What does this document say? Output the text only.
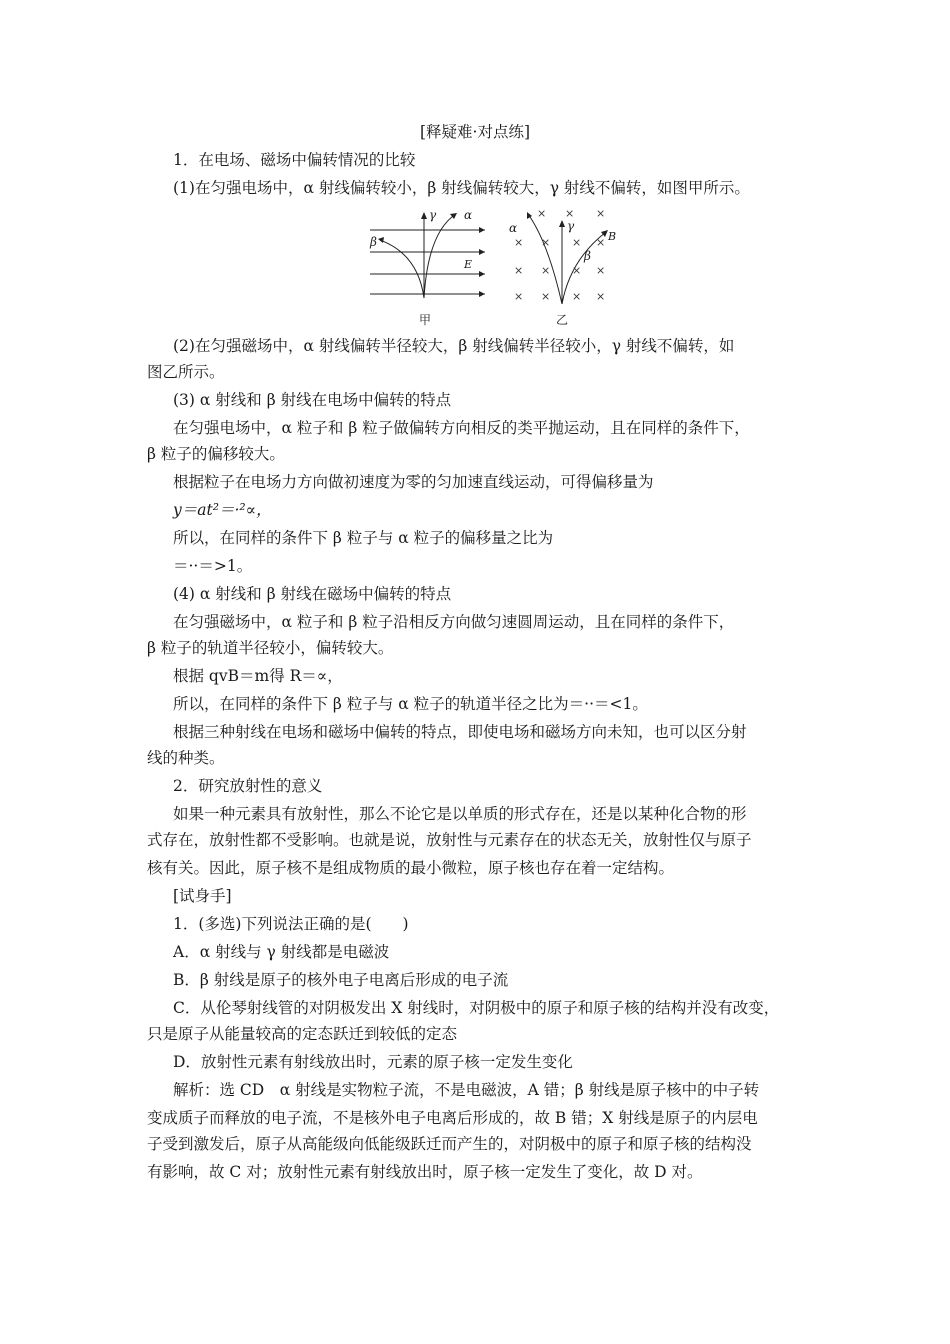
[释疑难·对点练]
1．在电场、磁场中偏转情况的比较
(1)在匀强电场中，α 射线偏转较小，β 射线偏转较大，γ 射线不偏转，如图甲所示。
γ α
β
E
甲
× × ×
× × × ×
× × × ×
× × × ×
γ
α
β
B
乙
(2)在匀强磁场中，α 射线偏转半径较大，β 射线偏转半径较小，γ 射线不偏转，如
图乙所示。
(3) α 射线和 β 射线在电场中偏转的特点
在匀强电场中，α 粒子和 β 粒子做偏转方向相反的类平抛运动，且在同样的条件下，
β 粒子的偏移较大。
根据粒子在电场力方向做初速度为零的匀加速直线运动，可得偏移量为
y＝at²＝·²∝，
所以，在同样的条件下 β 粒子与 α 粒子的偏移量之比为
＝··＝>1。
(4) α 射线和 β 射线在磁场中偏转的特点
在匀强磁场中，α 粒子和 β 粒子沿相反方向做匀速圆周运动，且在同样的条件下，
β 粒子的轨道半径较小，偏转较大。
根据 qvB＝m得 R＝∝，
所以，在同样的条件下 β 粒子与 α 粒子的轨道半径之比为＝··＝<1。
根据三种射线在电场和磁场中偏转的特点，即使电场和磁场方向未知，也可以区分射
线的种类。
2．研究放射性的意义
如果一种元素具有放射性，那么不论它是以单质的形式存在，还是以某种化合物的形
式存在，放射性都不受影响。也就是说，放射性与元素存在的状态无关，放射性仅与原子
核有关。因此，原子核不是组成物质的最小微粒，原子核也存在着一定结构。
[试身手]
1．(多选)下列说法正确的是(　　)
A．α 射线与 γ 射线都是电磁波
B．β 射线是原子的核外电子电离后形成的电子流
C．从伦琴射线管的对阴极发出 X 射线时，对阴极中的原子和原子核的结构并没有改变，
只是原子从能量较高的定态跃迁到较低的定态
D．放射性元素有射线放出时，元素的原子核一定发生变化
解析：选 CD　α 射线是实物粒子流，不是电磁波，A 错；β 射线是原子核中的中子转
变成质子而释放的电子流，不是核外电子电离后形成的，故 B 错；X 射线是原子的内层电
子受到激发后，原子从高能级向低能级跃迁而产生的，对阴极中的原子和原子核的结构没
有影响，故 C 对；放射性元素有射线放出时，原子核一定发生了变化，故 D 对。
